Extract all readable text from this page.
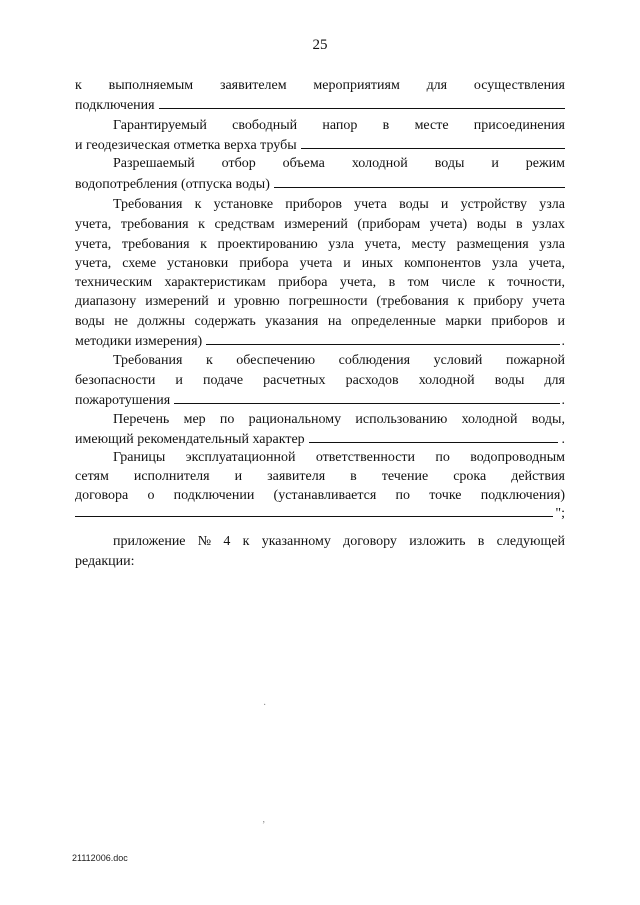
25
к выполняемым заявителем мероприятиям для осуществления
подключения
Гарантируемый свободный напор в месте присоединения
и геодезическая отметка верха трубы
Разрешаемый отбор объема холодной воды и режим
водопотребления (отпуска воды)
Требования к установке приборов учета воды и устройству узла
учета, требования к средствам измерений (приборам учета) воды в узлах
учета, требования к проектированию узла учета, месту размещения узла
учета, схеме установки прибора учета и иных компонентов узла учета,
техническим характеристикам прибора учета, в том числе к точности,
диапазону измерений и уровню погрешности (требования к прибору учета
воды не должны содержать указания на определенные марки приборов и
методики измерения)	.
Требования к обеспечению соблюдения условий пожарной
безопасности и подаче расчетных расходов холодной воды для
пожаротушения	.
Перечень мер по рациональному использованию холодной воды,
имеющий рекомендательный характер	.
Границы эксплуатационной ответственности по водопроводным
сетям исполнителя и заявителя в течение срока действия
договора о подключении (устанавливается по точке подключения)
";
приложение № 4 к указанному договору изложить в следующей
редакции:
·
ʼ
21112006.doc
